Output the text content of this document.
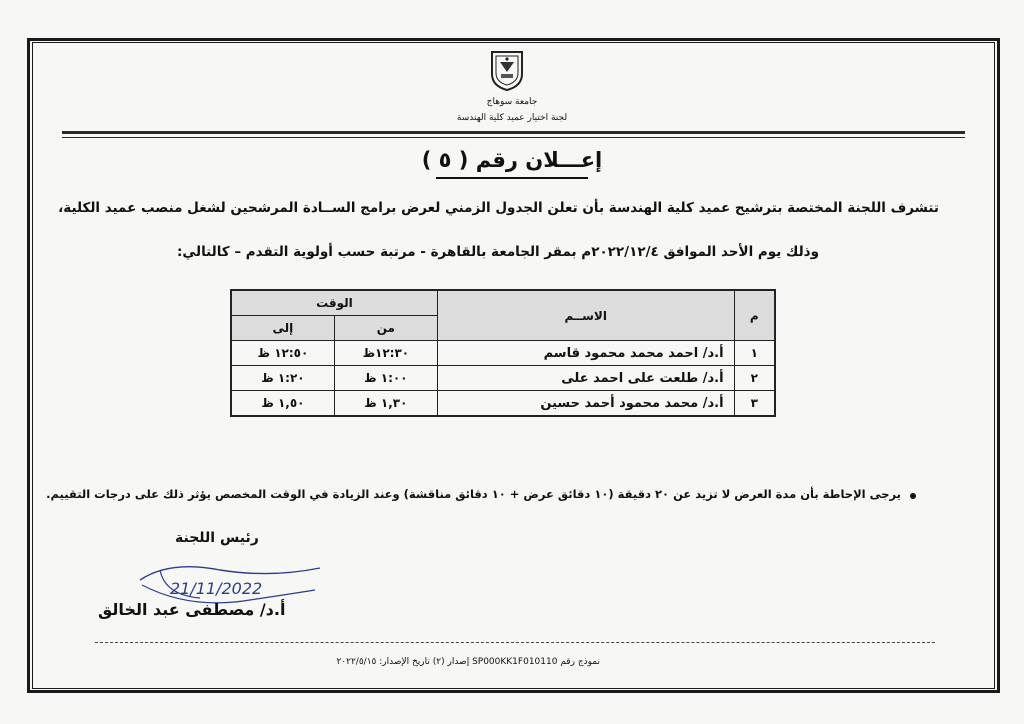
جامعة سوهاج
لجنة اختيار عميد كلية الهندسة
إعـــلان رقم ( ٥ )
تتشرف اللجنة المختصة بترشيح عميد كلية الهندسة بأن تعلن الجدول الزمني لعرض برامج الســادة المرشحين لشغل منصب عميد الكلية،
وذلك يوم الأحد الموافق ٢٠٢٢/١٢/٤م بمقر الجامعة بالقاهرة - مرتبة حسب أولوية التقدم – كالتالي:
م	الاســم	الوقت	
		من	إلى
١	أ.د/ احمد محمد محمود قاسم	١٢:٣٠ظ	١٢:٥٠ ظ
٢	أ.د/ طلعت على احمد على	١:٠٠ ظ	١:٢٠ ظ
٣	أ.د/ محمد محمود أحمد حسين	١,٣٠ ظ	١,٥٠ ظ
يرجى الإحاطة بأن مدة العرض لا تزيد عن ٢٠ دقيقة (١٠ دقائق عرض + ١٠ دقائق مناقشة) وعند الزيادة في الوقت المخصص يؤثر ذلك على درجات التقييم.
رئيس اللجنة
21/11/2022
أ.د/ مصطفى عبد الخالق
نموذج رقم SP000KK1F010110 إصدار (٢) تاريخ الإصدار: ٢٠٢٢/٥/١٥
